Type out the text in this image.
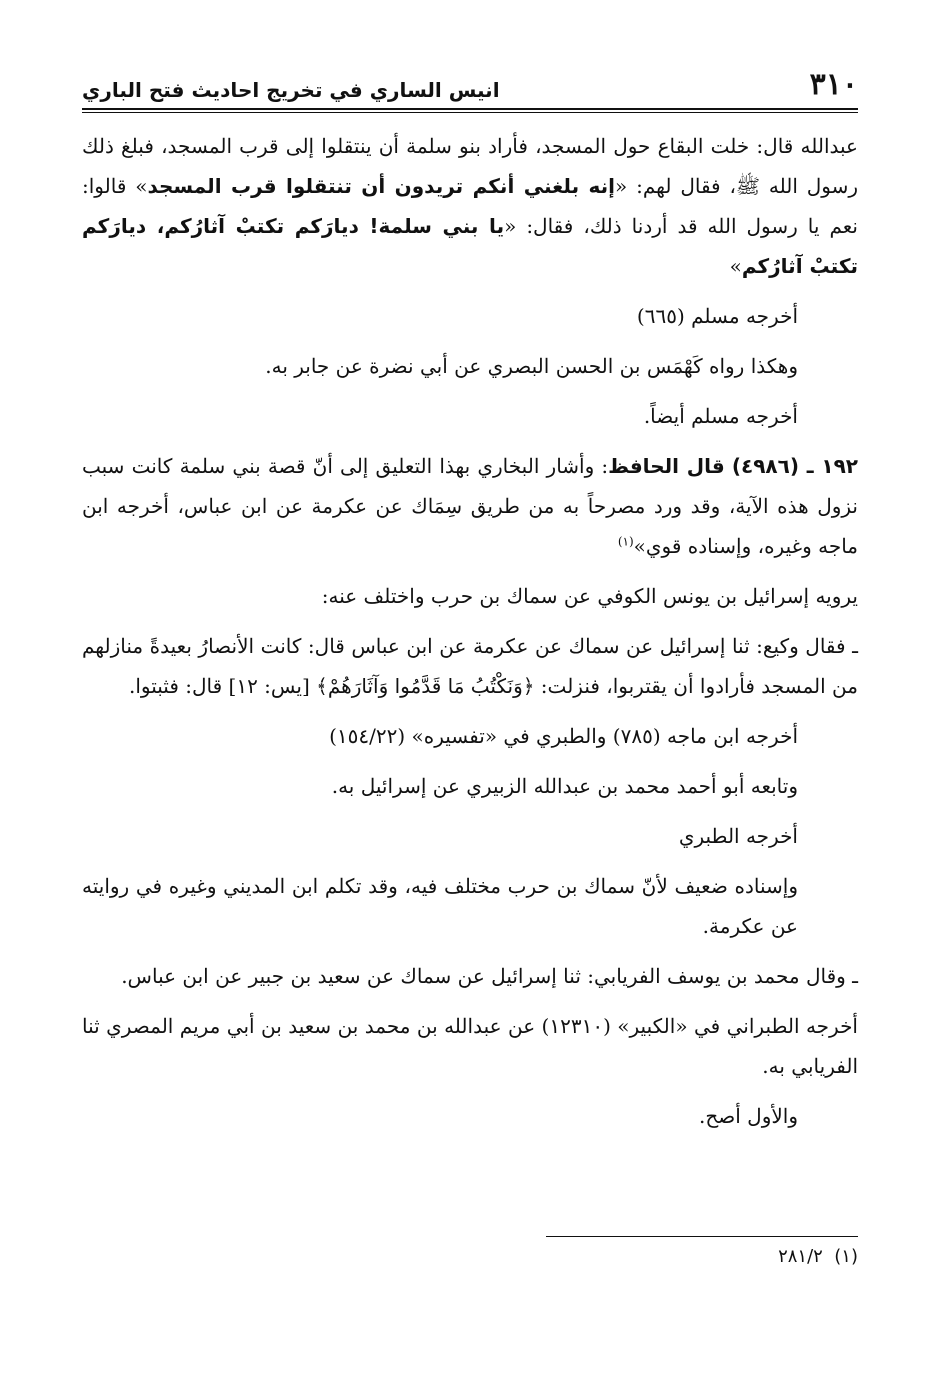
٣١٠
انيس الساري في تخريج احاديث فتح الباري

عبدالله قال: خلت البقاع حول المسجد، فأراد بنو سلمة أن ينتقلوا إلى قرب المسجد، فبلغ ذلك رسول الله ﷺ، فقال لهم: «إنه بلغني أنكم تريدون أن تنتقلوا قرب المسجد» قالوا: نعم يا رسول الله قد أردنا ذلك، فقال: «يا بني سلمة! ديارَكم تكتبْ آثارُكم، ديارَكم تكتبْ آثارُكم»

أخرجه مسلم (٦٦٥)

وهكذا رواه كَهْمَس بن الحسن البصري عن أبي نضرة عن جابر به.

أخرجه مسلم أيضاً.

١٩٢ ـ (٤٩٨٦) قال الحافظ: وأشار البخاري بهذا التعليق إلى أنّ قصة بني سلمة كانت سبب نزول هذه الآية، وقد ورد مصرحاً به من طريق سِمَاك عن عكرمة عن ابن عباس، أخرجه ابن ماجه وغيره، وإسناده قوي»$^{(١)}$

يرويه إسرائيل بن يونس الكوفي عن سماك بن حرب واختلف عنه:

ـ فقال وكيع: ثنا إسرائيل عن سماك عن عكرمة عن ابن عباس قال: كانت الأنصارُ بعيدةً منازلهم من المسجد فأرادوا أن يقتربوا، فنزلت: ﴿وَنَكْتُبُ مَا قَدَّمُوا وَآثَارَهُمْ﴾ [يس: ١٢] قال: فثبتوا.

أخرجه ابن ماجه (٧٨٥) والطبري في «تفسيره» (١٥٤/٢٢)

وتابعه أبو أحمد محمد بن عبدالله الزبيري عن إسرائيل به.

أخرجه الطبري

وإسناده ضعيف لأنّ سماك بن حرب مختلف فيه، وقد تكلم ابن المديني وغيره في روايته عن عكرمة.

ـ وقال محمد بن يوسف الفريابي: ثنا إسرائيل عن سماك عن سعيد بن جبير عن ابن عباس.

أخرجه الطبراني في «الكبير» (١٢٣١٠) عن عبدالله بن محمد بن سعيد بن أبي مريم المصري ثنا الفريابي به.

والأول أصح.

(١)  ٢٨١/٢
